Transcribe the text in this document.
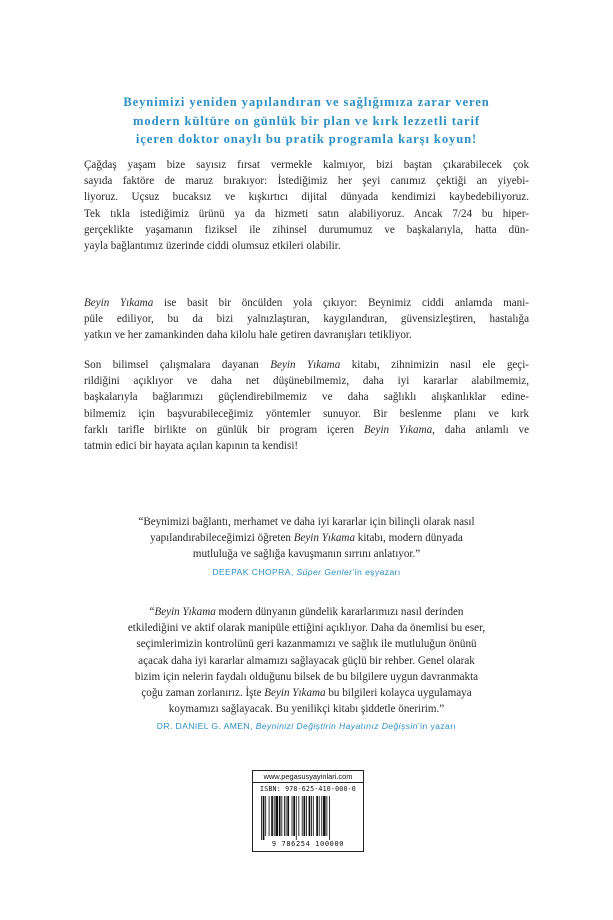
Beynimizi yeniden yapılandıran ve sağlığımıza zarar veren
modern kültüre on günlük bir plan ve kırk lezzetli tarif
içeren doktor onaylı bu pratik programla karşı koyun!

Çağdaş yaşam bize sayısız fırsat vermekle kalmıyor, bizi baştan çıkarabilecek çok
sayıda faktöre de maruz bırakıyor: İstediğimiz her şeyi canımız çektiği an yiyebi-
liyoruz. Uçsuz bucaksız ve kışkırtıcı dijital dünyada kendimizi kaybedebiliyoruz.
Tek tıkla istediğimiz ürünü ya da hizmeti satın alabiliyoruz. Ancak 7/24 bu hiper-
gerçeklikte yaşamanın fiziksel ile zihinsel durumumuz ve başkalarıyla, hatta dün-
yayla bağlantımız üzerinde ciddi olumsuz etkileri olabilir.

Beyin Yıkama ise basit bir öncülden yola çıkıyor: Beynimiz ciddi anlamda mani-
püle ediliyor, bu da bizi yalnızlaştıran, kaygılandıran, güvensizleştiren, hastalığa
yatkın ve her zamankinden daha kilolu hale getiren davranışları tetikliyor.

Son bilimsel çalışmalara dayanan Beyin Yıkama kitabı, zihnimizin nasıl ele geçi-
rildiğini açıklıyor ve daha net düşünebilmemiz, daha iyi kararlar alabilmemiz,
başkalarıyla bağlarımızı güçlendirebilmemiz ve daha sağlıklı alışkanlıklar edine-
bilmemiz için başvurabileceğimiz yöntemler sunuyor. Bir beslenme planı ve kırk
farklı tarifle birlikte on günlük bir program içeren Beyin Yıkama, daha anlamlı ve
tatmin edici bir hayata açılan kapının ta kendisi!

“Beynimizi bağlantı, merhamet ve daha iyi kararlar için bilinçli olarak nasıl
yapılandırabileceğimizi öğreten Beyin Yıkama kitabı, modern dünyada
mutluluğa ve sağlığa kavuşmanın sırrını anlatıyor.”
DEEPAK CHOPRA, Süper Genler’in eşyazarı
“Beyin Yıkama modern dünyanın gündelik kararlarımızı nasıl derinden
etkilediğini ve aktif olarak manipüle ettiğini açıklıyor. Daha da önemlisi bu eser,
seçimlerimizin kontrolünü geri kazanmamızı ve sağlık ile mutluluğun önünü
açacak daha iyi kararlar almamızı sağlayacak güçlü bir rehber. Genel olarak
bizim için nelerin faydalı olduğunu bilsek de bu bilgilere uygun davranmakta
çoğu zaman zorlanırız. İşte Beyin Yıkama bu bilgileri kolayca uygulamaya
koymamızı sağlayacak. Bu yenilikçi kitabı şiddetle öneririm.”
DR. DANIEL G. AMEN, Beyninizi Değiştirin Hayatınız Değişsin’in yazarı
www.pegasusyayinlari.com
ISBN: 978-625-410-000-0
9 786254 100000
